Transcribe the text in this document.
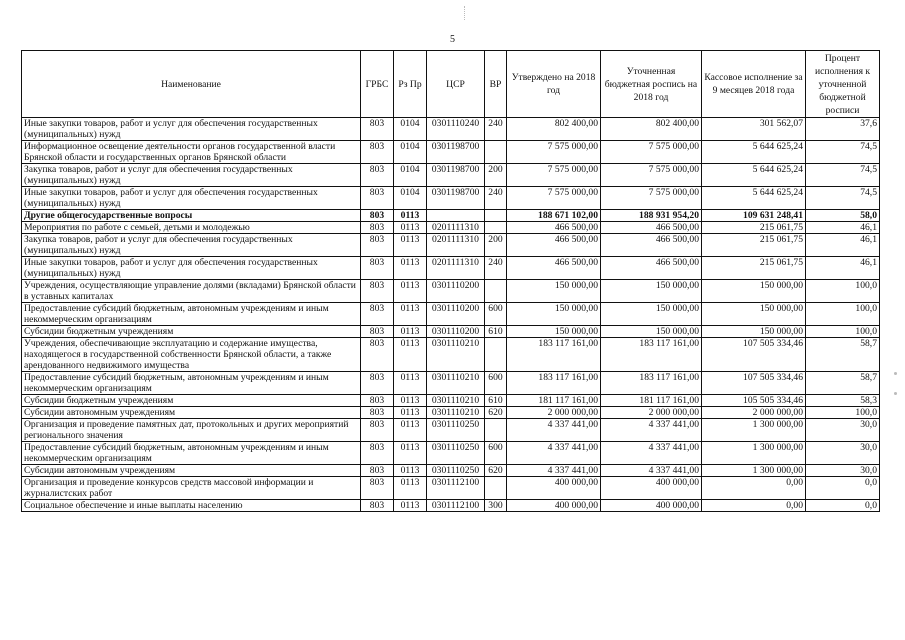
5
Наименование	ГРБС	Рз Пр	ЦСР	ВР	Утверждено на 2018 год	Уточненная бюджетная роспись на 2018 год	Кассовое исполнение за 9 месяцев 2018 года	Процент исполнения к уточненной бюджетной росписи
Иные закупки товаров, работ и услуг для обеспечения государственных (муниципальных) нужд	803	0104	0301110240	240	802 400,00	802 400,00	301 562,07	37,6
Информационное освещение деятельности органов государственной власти Брянской области и государственных органов Брянской области	803	0104	0301198700		7 575 000,00	7 575 000,00	5 644 625,24	74,5
Закупка товаров, работ и услуг для обеспечения государственных (муниципальных) нужд	803	0104	0301198700	200	7 575 000,00	7 575 000,00	5 644 625,24	74,5
Иные закупки товаров, работ и услуг для обеспечения государственных (муниципальных) нужд	803	0104	0301198700	240	7 575 000,00	7 575 000,00	5 644 625,24	74,5
Другие общегосударственные вопросы	803	0113			188 671 102,00	188 931 954,20	109 631 248,41	58,0
Мероприятия по работе с семьей, детьми и молодежью	803	0113	0201111310		466 500,00	466 500,00	215 061,75	46,1
Закупка товаров, работ и услуг для обеспечения государственных (муниципальных) нужд	803	0113	0201111310	200	466 500,00	466 500,00	215 061,75	46,1
Иные закупки товаров, работ и услуг для обеспечения государственных (муниципальных) нужд	803	0113	0201111310	240	466 500,00	466 500,00	215 061,75	46,1
Учреждения, осуществляющие управление долями (вкладами) Брянской области в уставных капиталах	803	0113	0301110200		150 000,00	150 000,00	150 000,00	100,0
Предоставление субсидий бюджетным, автономным учреждениям и иным некоммерческим организациям	803	0113	0301110200	600	150 000,00	150 000,00	150 000,00	100,0
Субсидии бюджетным учреждениям	803	0113	0301110200	610	150 000,00	150 000,00	150 000,00	100,0
Учреждения, обеспечивающие эксплуатацию и содержание имущества, находящегося в государственной собственности Брянской области, а также арендованного недвижимого имущества	803	0113	0301110210		183 117 161,00	183 117 161,00	107 505 334,46	58,7
Предоставление субсидий бюджетным, автономным учреждениям и иным некоммерческим организациям	803	0113	0301110210	600	183 117 161,00	183 117 161,00	107 505 334,46	58,7
Субсидии бюджетным учреждениям	803	0113	0301110210	610	181 117 161,00	181 117 161,00	105 505 334,46	58,3
Субсидии автономным учреждениям	803	0113	0301110210	620	2 000 000,00	2 000 000,00	2 000 000,00	100,0
Организация и проведение памятных дат, протокольных и других мероприятий регионального значения	803	0113	0301110250		4 337 441,00	4 337 441,00	1 300 000,00	30,0
Предоставление субсидий бюджетным, автономным учреждениям и иным некоммерческим организациям	803	0113	0301110250	600	4 337 441,00	4 337 441,00	1 300 000,00	30,0
Субсидии автономным учреждениям	803	0113	0301110250	620	4 337 441,00	4 337 441,00	1 300 000,00	30,0
Организация и проведение конкурсов средств массовой информации и журналистских работ	803	0113	0301112100		400 000,00	400 000,00	0,00	0,0
Социальное обеспечение и иные выплаты населению	803	0113	0301112100	300	400 000,00	400 000,00	0,00	0,0
